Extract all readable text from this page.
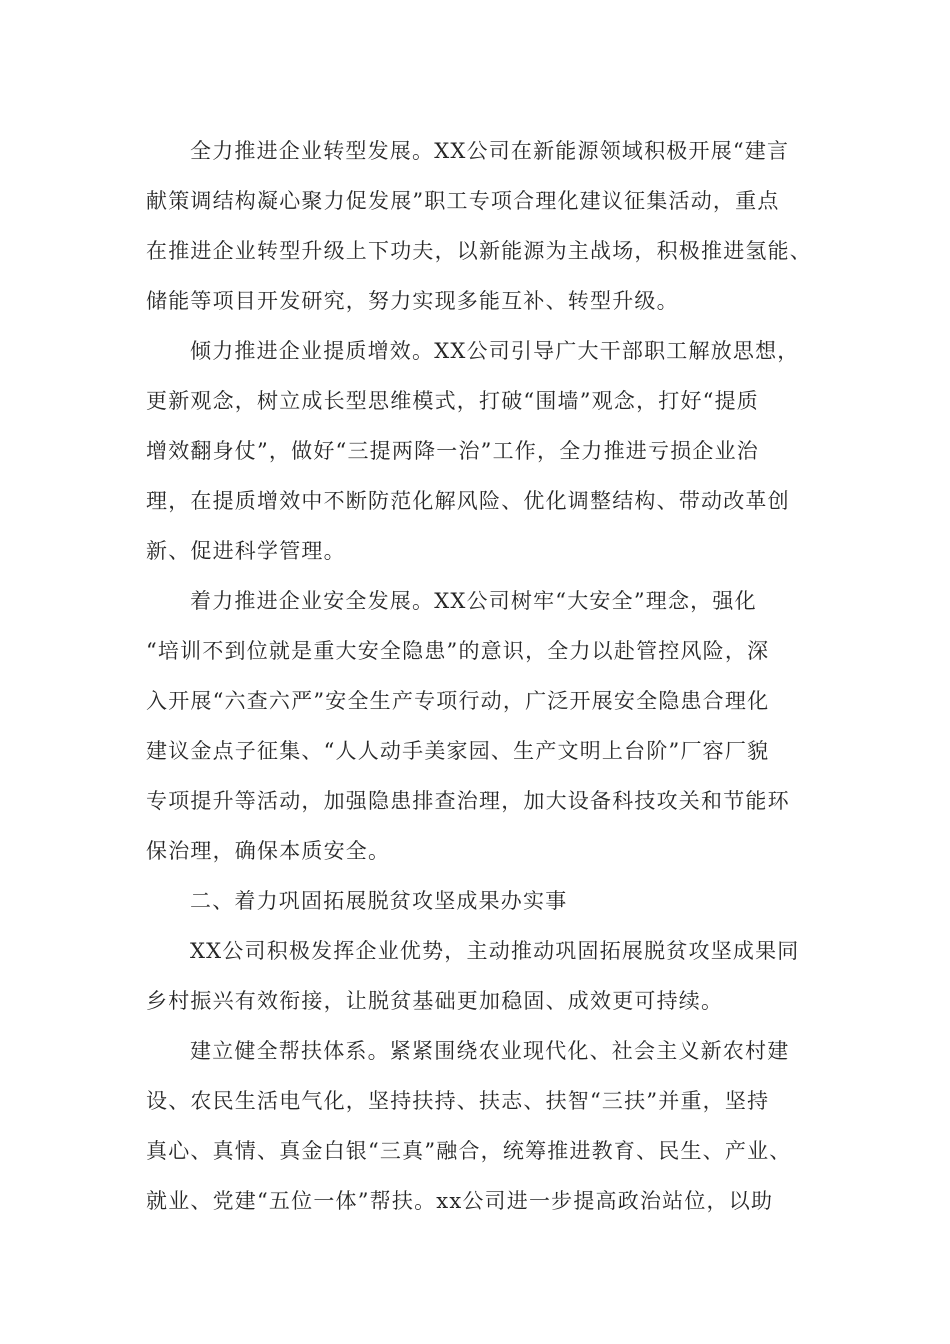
全力推进企业转型发展。XX公司在新能源领域积极开展“建言
献策调结构凝心聚力促发展”职工专项合理化建议征集活动，重点
在推进企业转型升级上下功夫，以新能源为主战场，积极推进氢能、
储能等项目开发研究，努力实现多能互补、转型升级。
倾力推进企业提质增效。XX公司引导广大干部职工解放思想，
更新观念，树立成长型思维模式，打破“围墙”观念，打好“提质
增效翻身仗”，做好“三提两降一治”工作，全力推进亏损企业治
理，在提质增效中不断防范化解风险、优化调整结构、带动改革创
新、促进科学管理。
着力推进企业安全发展。XX公司树牢“大安全”理念，强化
“培训不到位就是重大安全隐患”的意识，全力以赴管控风险，深
入开展“六查六严”安全生产专项行动，广泛开展安全隐患合理化
建议金点子征集、“人人动手美家园、生产文明上台阶”厂容厂貌
专项提升等活动，加强隐患排查治理，加大设备科技攻关和节能环
保治理，确保本质安全。
二、着力巩固拓展脱贫攻坚成果办实事
XX公司积极发挥企业优势，主动推动巩固拓展脱贫攻坚成果同
乡村振兴有效衔接，让脱贫基础更加稳固、成效更可持续。
建立健全帮扶体系。紧紧围绕农业现代化、社会主义新农村建
设、农民生活电气化，坚持扶持、扶志、扶智“三扶”并重，坚持
真心、真情、真金白银“三真”融合，统筹推进教育、民生、产业、
就业、党建“五位一体”帮扶。xx公司进一步提高政治站位，以助
